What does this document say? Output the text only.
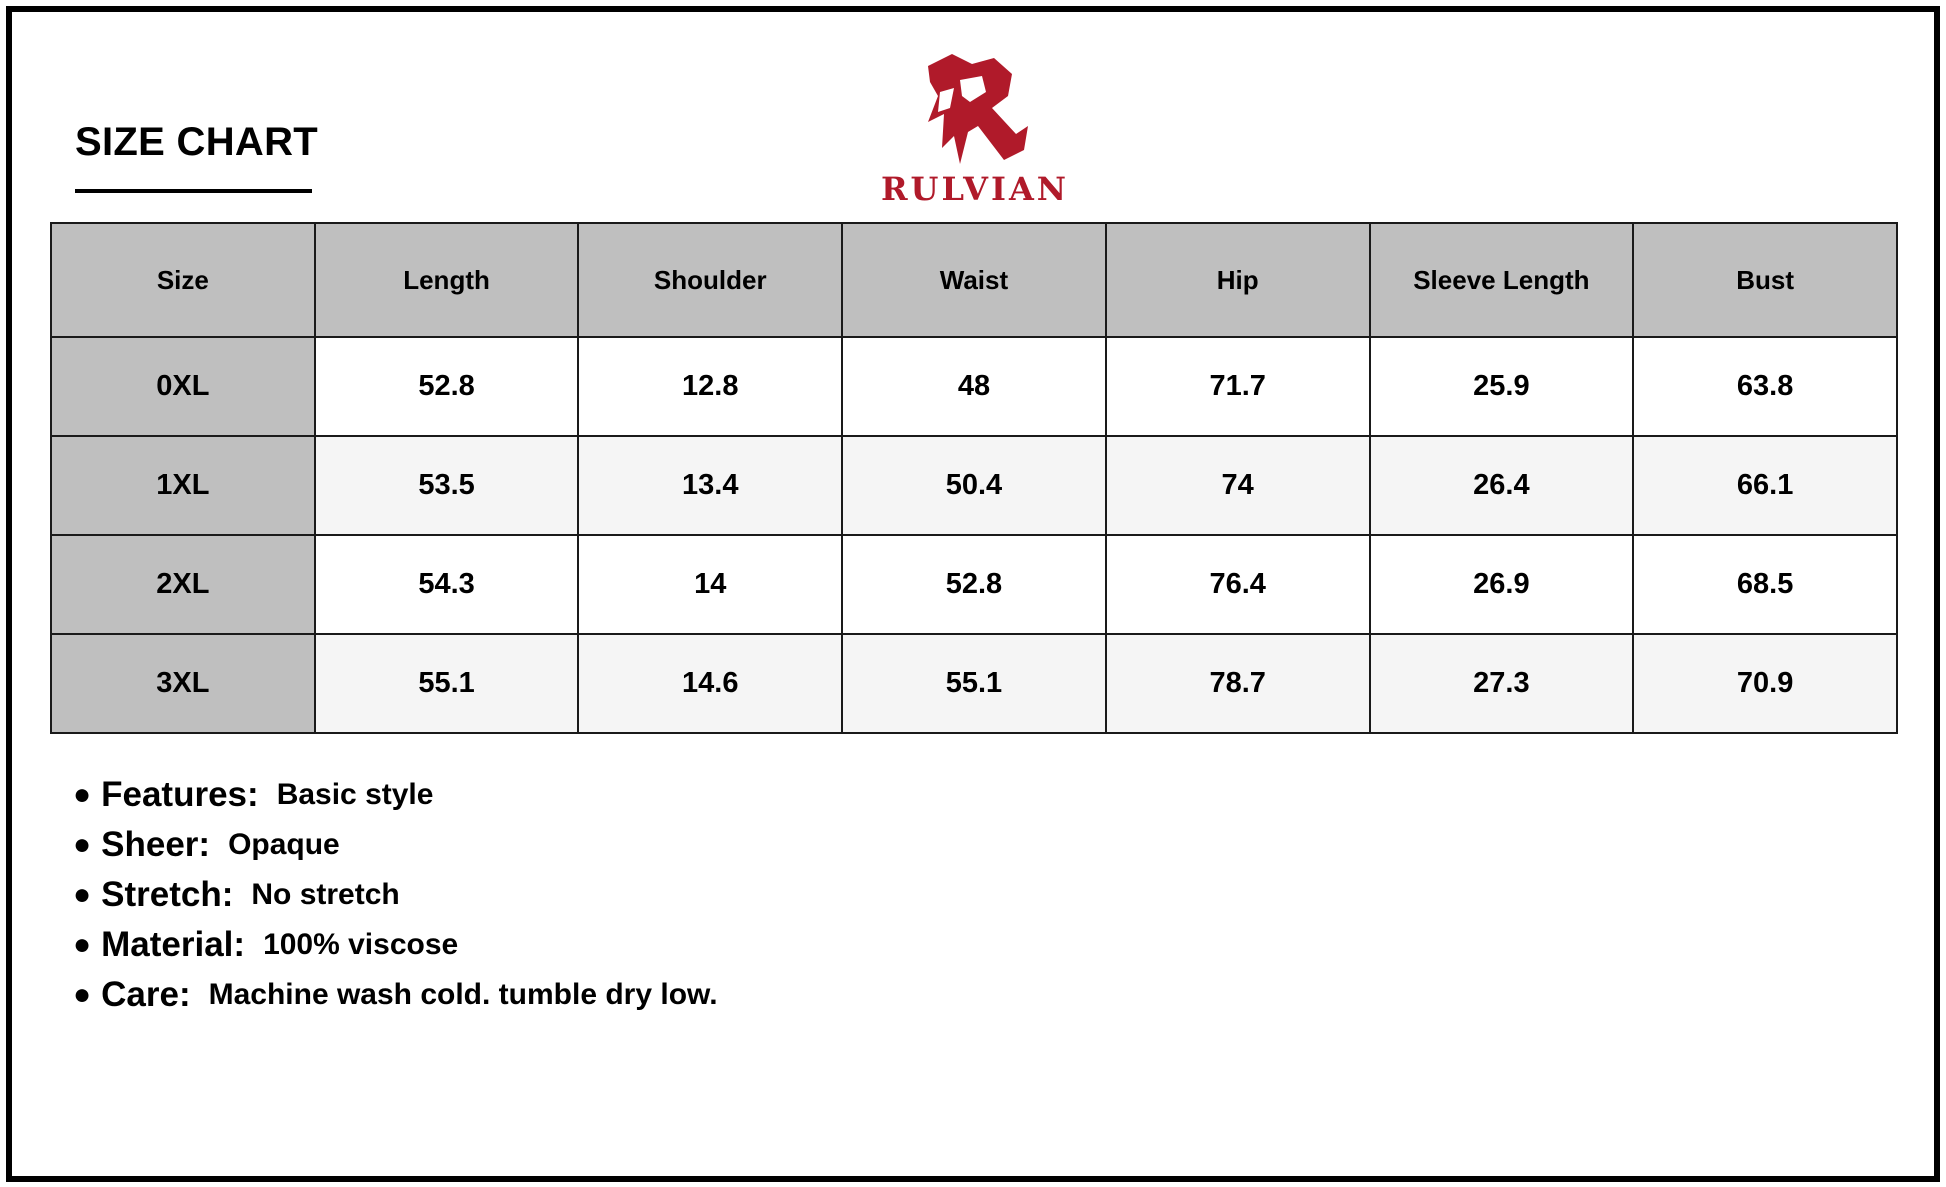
SIZE CHART
RULVIAN
Size	Length	Shoulder	Waist	Hip	Sleeve Length	Bust
0XL	52.8	12.8	48	71.7	25.9	63.8
1XL	53.5	13.4	50.4	74	26.4	66.1
2XL	54.3	14	52.8	76.4	26.9	68.5
3XL	55.1	14.6	55.1	78.7	27.3	70.9
● Features: Basic style
● Sheer: Opaque
● Stretch: No stretch
● Material: 100% viscose
● Care: Machine wash cold. tumble dry low.
